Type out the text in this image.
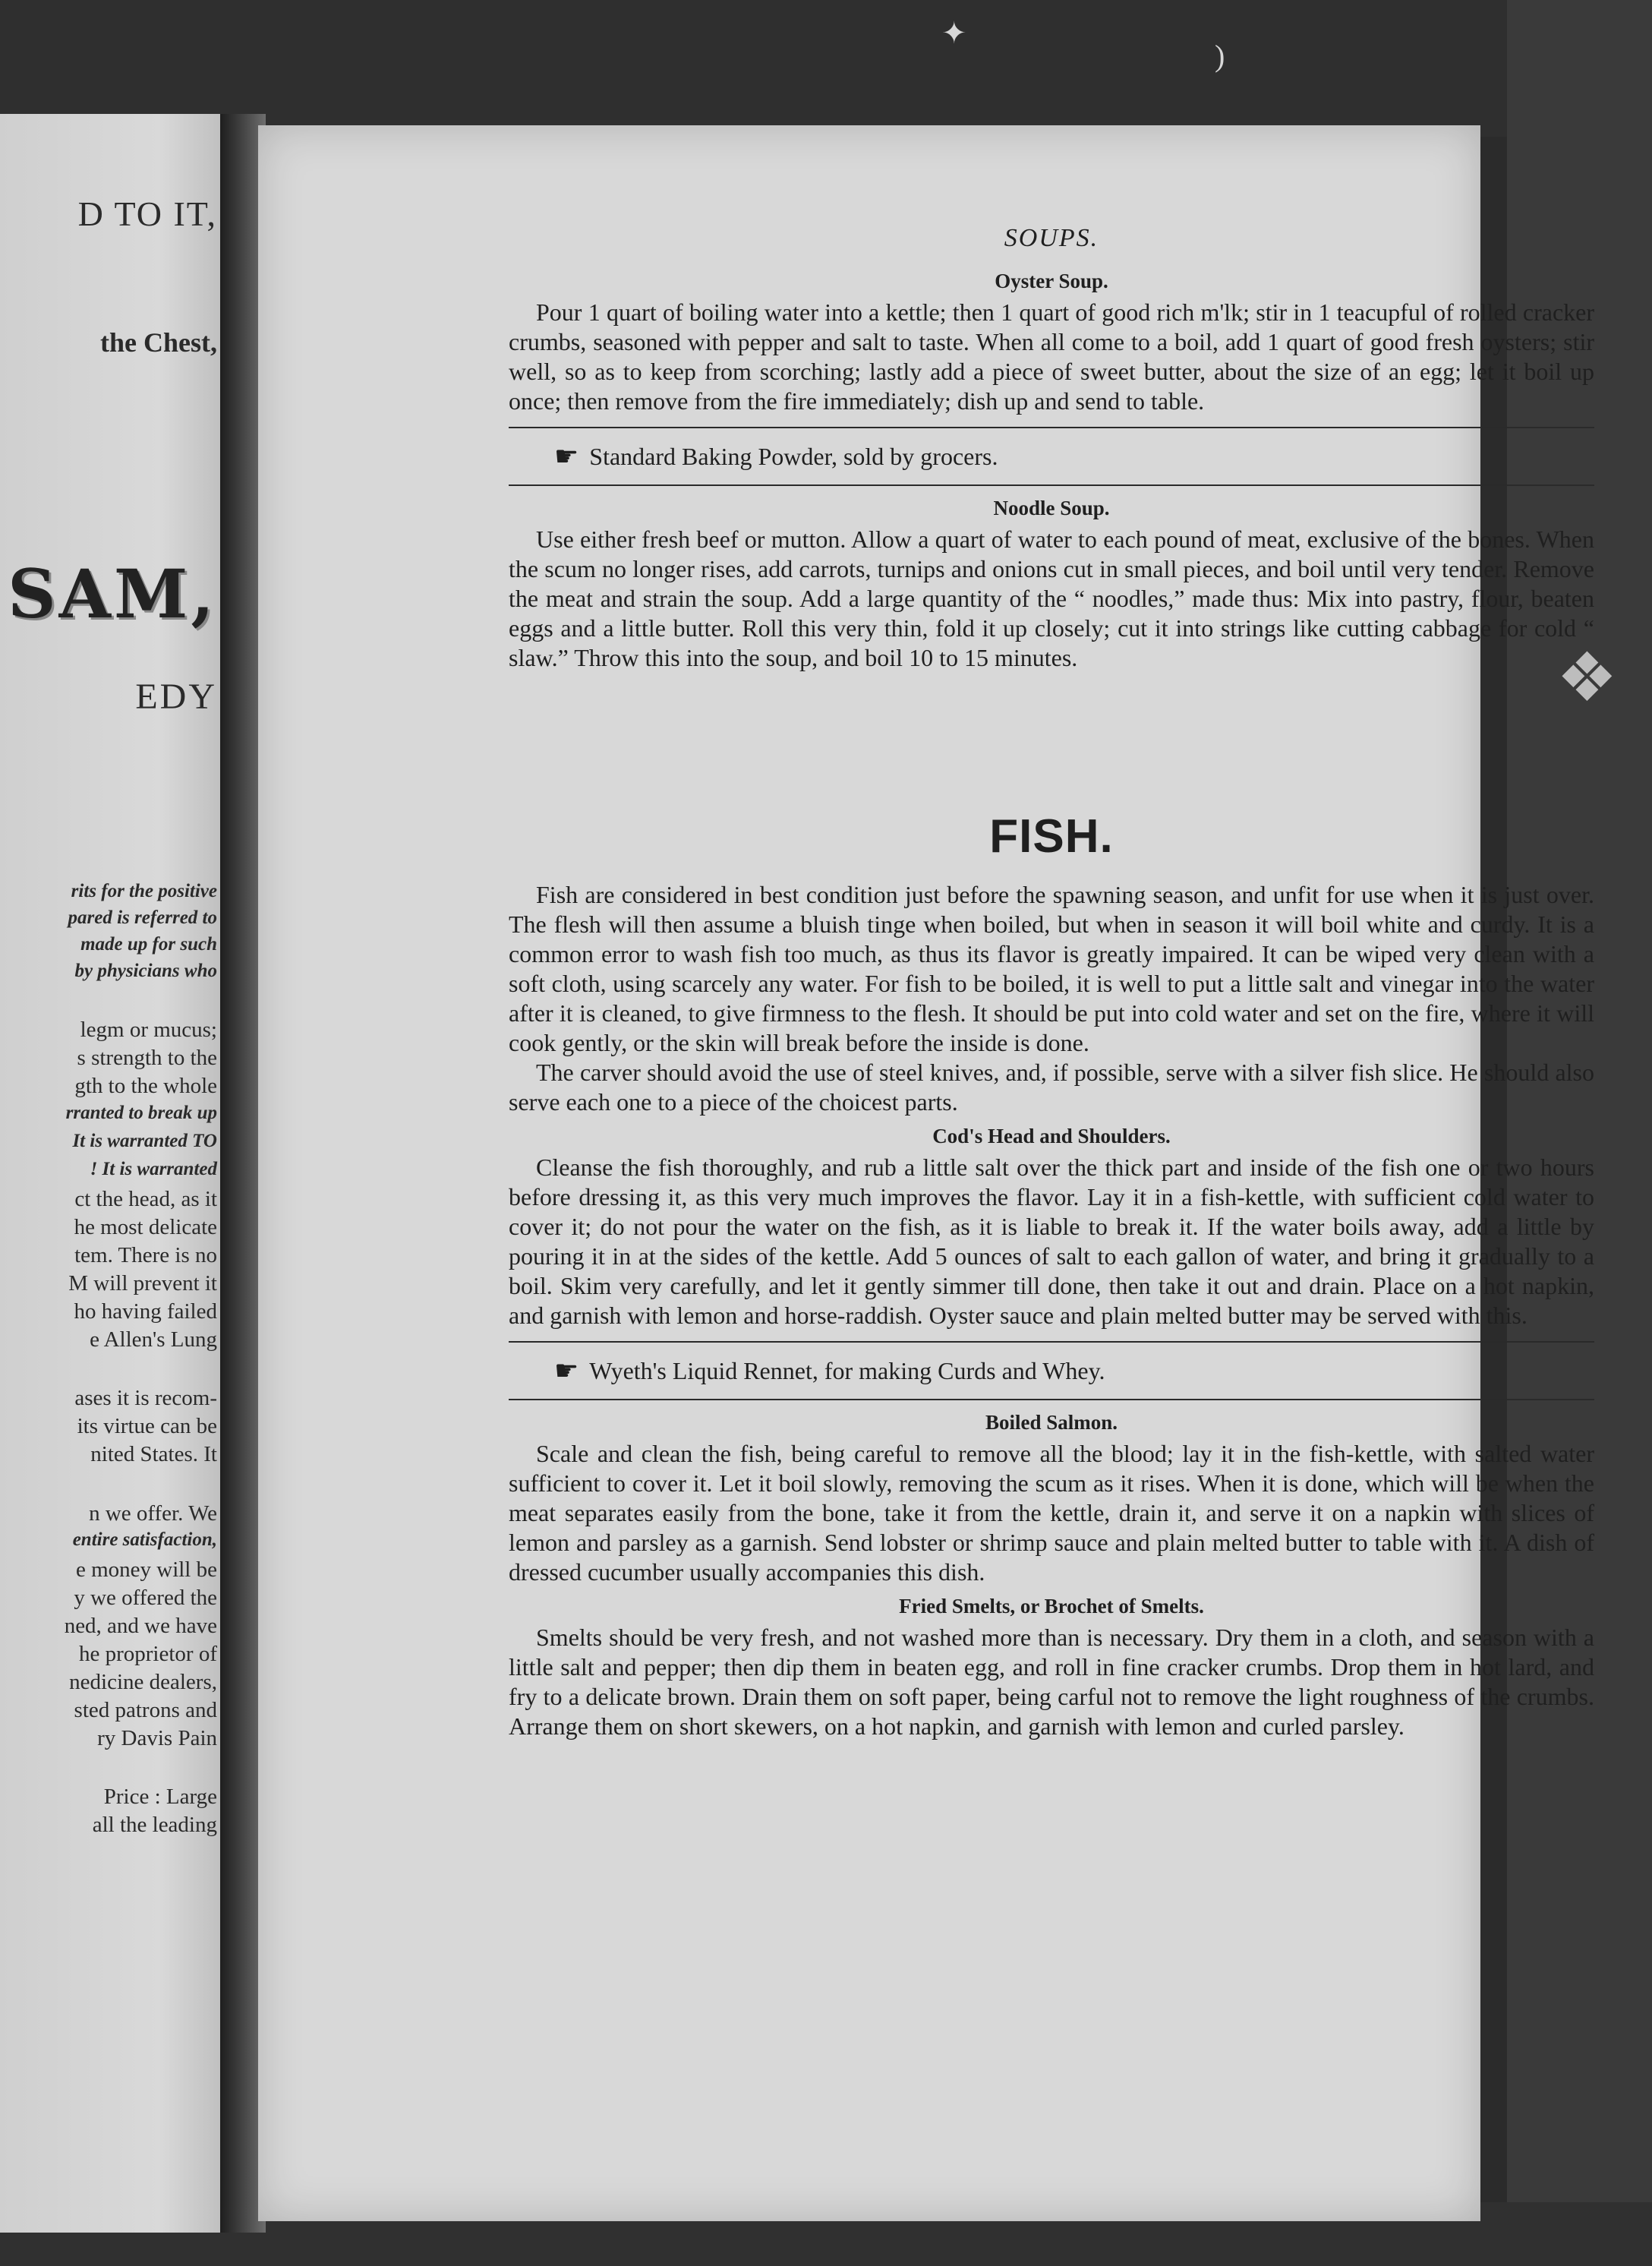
✦
)
❖
D TO IT,
the Chest,
SAM,
EDY
rits for the positive
pared is referred to
made up for such
by physicians who
legm or mucus;
s strength to the
gth to the whole
rranted to break up
It is warranted TO
! It is warranted
ct the head, as it
he most delicate
tem. There is no
M will prevent it
ho having failed
e Allen's Lung
ases it is recom-
its virtue can be
nited States. It
n we offer. We
entire satisfaction,
e money will be
y we offered the
ned, and we have
he proprietor of
nedicine dealers,
sted patrons and
ry Davis Pain
Price : Large
all the leading
SOUPS.
Oyster Soup.

Pour 1 quart of boiling water into a kettle; then 1 quart of good rich m'lk; stir in 1 teacupful of rolled cracker crumbs, seasoned with pepper and salt to taste. When all come to a boil, add 1 quart of good fresh oysters; stir well, so as to keep from scorching; lastly add a piece of sweet butter, about the size of an egg; let it boil up once; then remove from the fire immediately; dish up and send to table.

☛ Standard Baking Powder, sold by grocers.
Noodle Soup.

Use either fresh beef or mutton. Allow a quart of water to each pound of meat, exclusive of the bones. When the scum no longer rises, add carrots, turnips and onions cut in small pieces, and boil until very tender. Remove the meat and strain the soup. Add a large quantity of the “ noodles,” made thus: Mix into pastry, flour, beaten eggs and a little butter. Roll this very thin, fold it up closely; cut it into strings like cutting cabbage for cold “ slaw.” Throw this into the soup, and boil 10 to 15 minutes.

FISH.

Fish are considered in best condition just before the spawning season, and unfit for use when it is just over. The flesh will then assume a bluish tinge when boiled, but when in season it will boil white and curdy. It is a common error to wash fish too much, as thus its flavor is greatly impaired. It can be wiped very clean with a soft cloth, using scarcely any water. For fish to be boiled, it is well to put a little salt and vinegar into the water after it is cleaned, to give firmness to the flesh. It should be put into cold water and set on the fire, where it will cook gently, or the skin will break before the inside is done.

The carver should avoid the use of steel knives, and, if possible, serve with a silver fish slice. He should also serve each one to a piece of the choicest parts.

Cod's Head and Shoulders.

Cleanse the fish thoroughly, and rub a little salt over the thick part and inside of the fish one or two hours before dressing it, as this very much improves the flavor. Lay it in a fish-kettle, with sufficient cold water to cover it; do not pour the water on the fish, as it is liable to break it. If the water boils away, add a little by pouring it in at the sides of the kettle. Add 5 ounces of salt to each gallon of water, and bring it gradually to a boil. Skim very carefully, and let it gently simmer till done, then take it out and drain. Place on a hot napkin, and garnish with lemon and horse-raddish. Oyster sauce and plain melted butter may be served with this.

☛ Wyeth's Liquid Rennet, for making Curds and Whey.
Boiled Salmon.

Scale and clean the fish, being careful to remove all the blood; lay it in the fish-kettle, with salted water sufficient to cover it. Let it boil slowly, removing the scum as it rises. When it is done, which will be when the meat separates easily from the bone, take it from the kettle, drain it, and serve it on a napkin with slices of lemon and parsley as a garnish. Send lobster or shrimp sauce and plain melted butter to table with it. A dish of dressed cucumber usually accompanies this dish.

Fried Smelts, or Brochet of Smelts.

Smelts should be very fresh, and not washed more than is necessary. Dry them in a cloth, and season with a little salt and pepper; then dip them in beaten egg, and roll in fine cracker crumbs. Drop them in hot lard, and fry to a delicate brown. Drain them on soft paper, being carful not to remove the light roughness of the crumbs. Arrange them on short skewers, on a hot napkin, and garnish with lemon and curled parsley.
